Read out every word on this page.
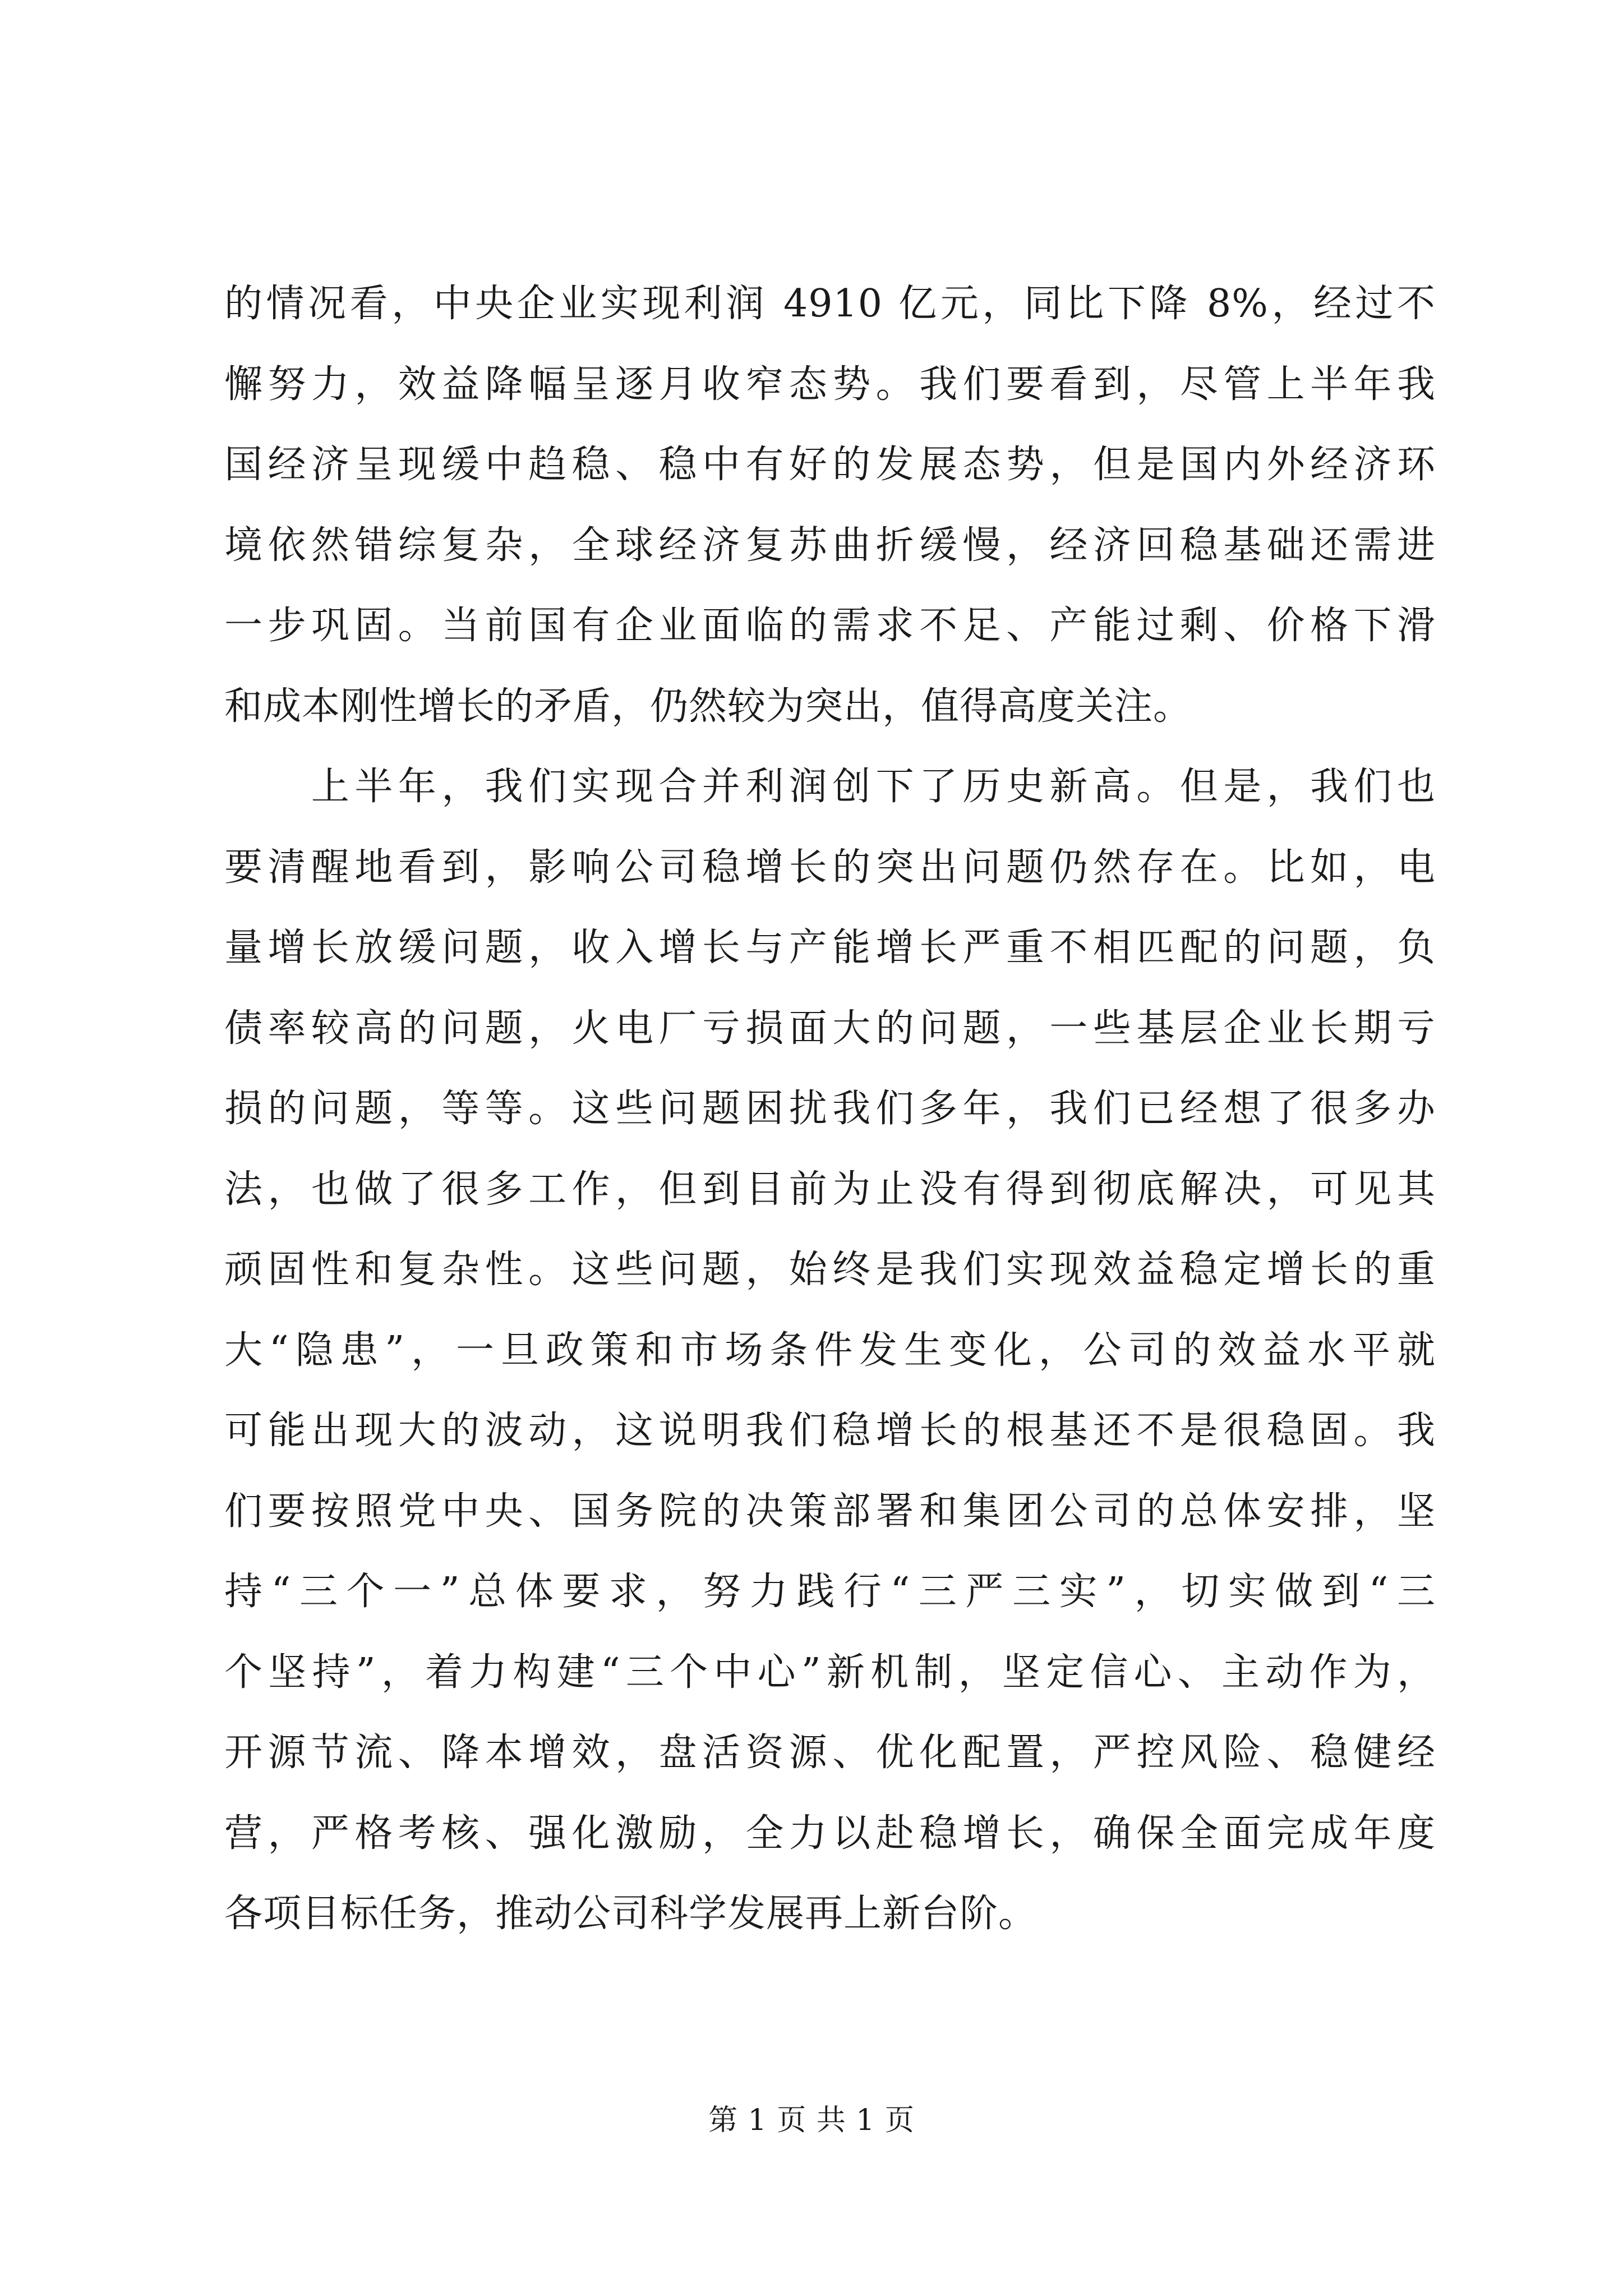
的情况看，中央企业实现利润 4910 亿元，同比下降 8%，经过不
懈努力，效益降幅呈逐月收窄态势。我们要看到，尽管上半年我
国经济呈现缓中趋稳、稳中有好的发展态势，但是国内外经济环
境依然错综复杂，全球经济复苏曲折缓慢，经济回稳基础还需进
一步巩固。当前国有企业面临的需求不足、产能过剩、价格下滑
和成本刚性增长的矛盾，仍然较为突出，值得高度关注。
　　上半年，我们实现合并利润创下了历史新高。但是，我们也
要清醒地看到，影响公司稳增长的突出问题仍然存在。比如，电
量增长放缓问题，收入增长与产能增长严重不相匹配的问题，负
债率较高的问题，火电厂亏损面大的问题，一些基层企业长期亏
损的问题，等等。这些问题困扰我们多年，我们已经想了很多办
法，也做了很多工作，但到目前为止没有得到彻底解决，可见其
顽固性和复杂性。这些问题，始终是我们实现效益稳定增长的重
大“隐患”，一旦政策和市场条件发生变化，公司的效益水平就
可能出现大的波动，这说明我们稳增长的根基还不是很稳固。我
们要按照党中央、国务院的决策部署和集团公司的总体安排，坚
持“三个一”总体要求，努力践行“三严三实”，切实做到“三
个坚持”，着力构建“三个中心”新机制，坚定信心、主动作为，
开源节流、降本增效，盘活资源、优化配置，严控风险、稳健经
营，严格考核、强化激励，全力以赴稳增长，确保全面完成年度
各项目标任务，推动公司科学发展再上新台阶。
第 1 页 共 1 页
